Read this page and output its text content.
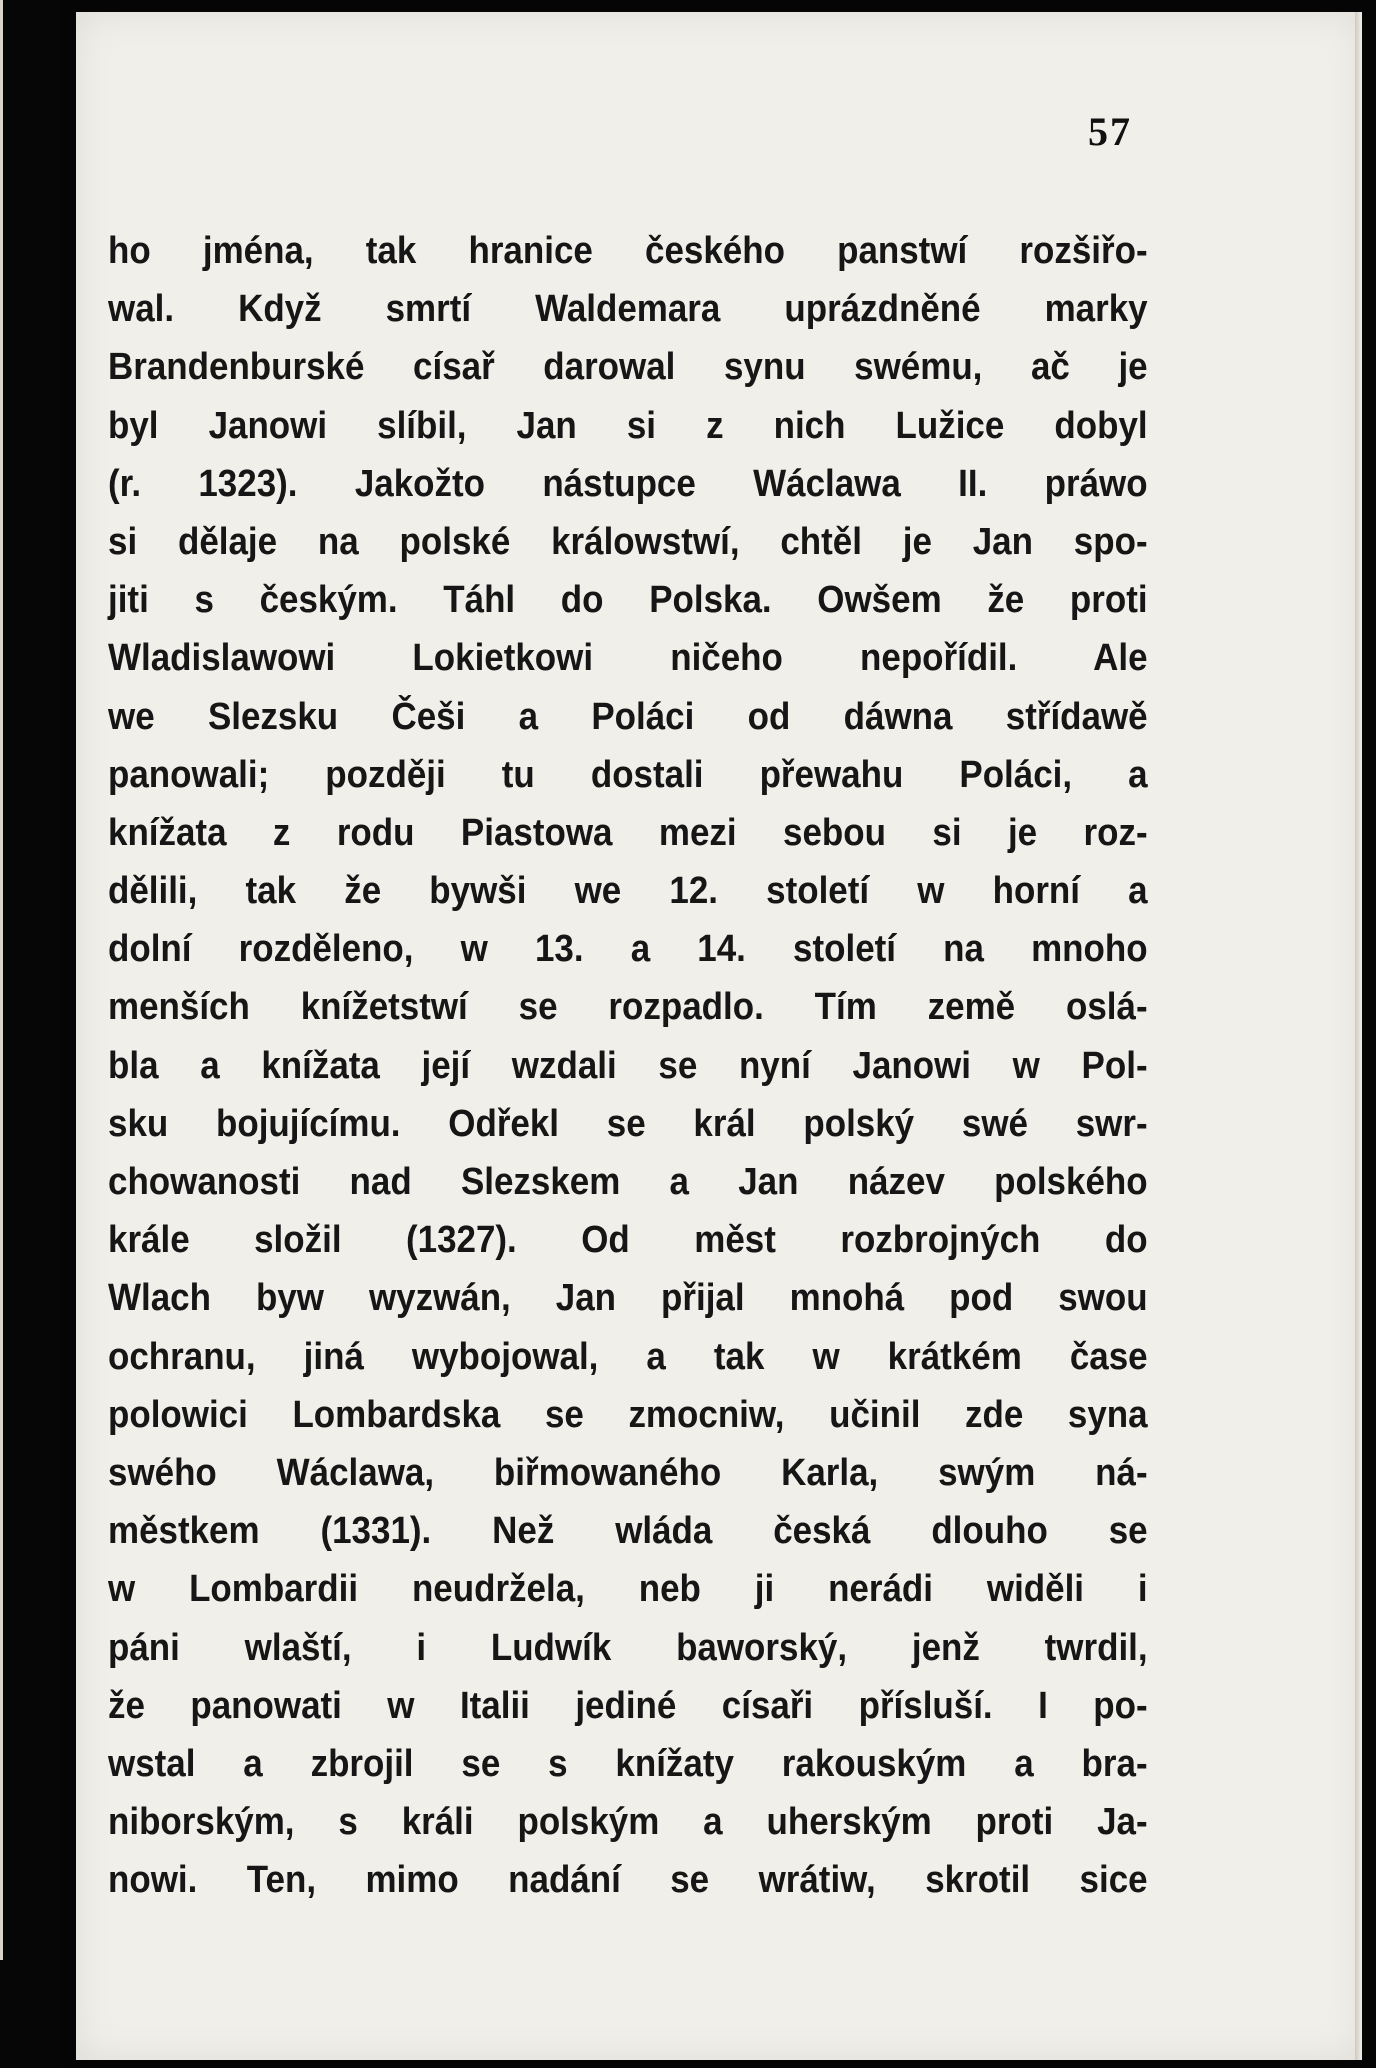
57
ho jména, tak hranice českého panstwí rozšiřo-
wal. Když smrtí Waldemara uprázdněné marky
Brandenburské císař darowal synu swému, ač je
byl Janowi slíbil, Jan si z nich Lužice dobyl
(r. 1323). Jakožto nástupce Wáclawa II. práwo
si dělaje na polské králowstwí, chtěl je Jan spo-
jiti s českým. Táhl do Polska. Owšem že proti
Wladislawowi Lokietkowi ničeho nepořídil. Ale
we Slezsku Češi a Poláci od dáwna střídawě
panowali; později tu dostali přewahu Poláci, a
knížata z rodu Piastowa mezi sebou si je roz-
dělili, tak že bywši we 12. století w horní a
dolní rozděleno, w 13. a 14. století na mnoho
menších knížetstwí se rozpadlo. Tím země oslá-
bla a knížata její wzdali se nyní Janowi w Pol-
sku bojujícímu. Odřekl se král polský swé swr-
chowanosti nad Slezskem a Jan název polského
krále složil (1327). Od měst rozbrojných do
Wlach byw wyzwán, Jan přijal mnohá pod swou
ochranu, jiná wybojowal, a tak w krátkém čase
polowici Lombardska se zmocniw, učinil zde syna
swého Wáclawa, biřmowaného Karla, swým ná-
městkem (1331). Než wláda česká dlouho se
w Lombardii neudržela, neb ji nerádi widěli i
páni wlaští, i Ludwík baworský, jenž twrdil,
že panowati w Italii jediné císaři přísluší. I po-
wstal a zbrojil se s knížaty rakouským a bra-
niborským, s králi polským a uherským proti Ja-
nowi. Ten, mimo nadání se wrátiw, skrotil sice
